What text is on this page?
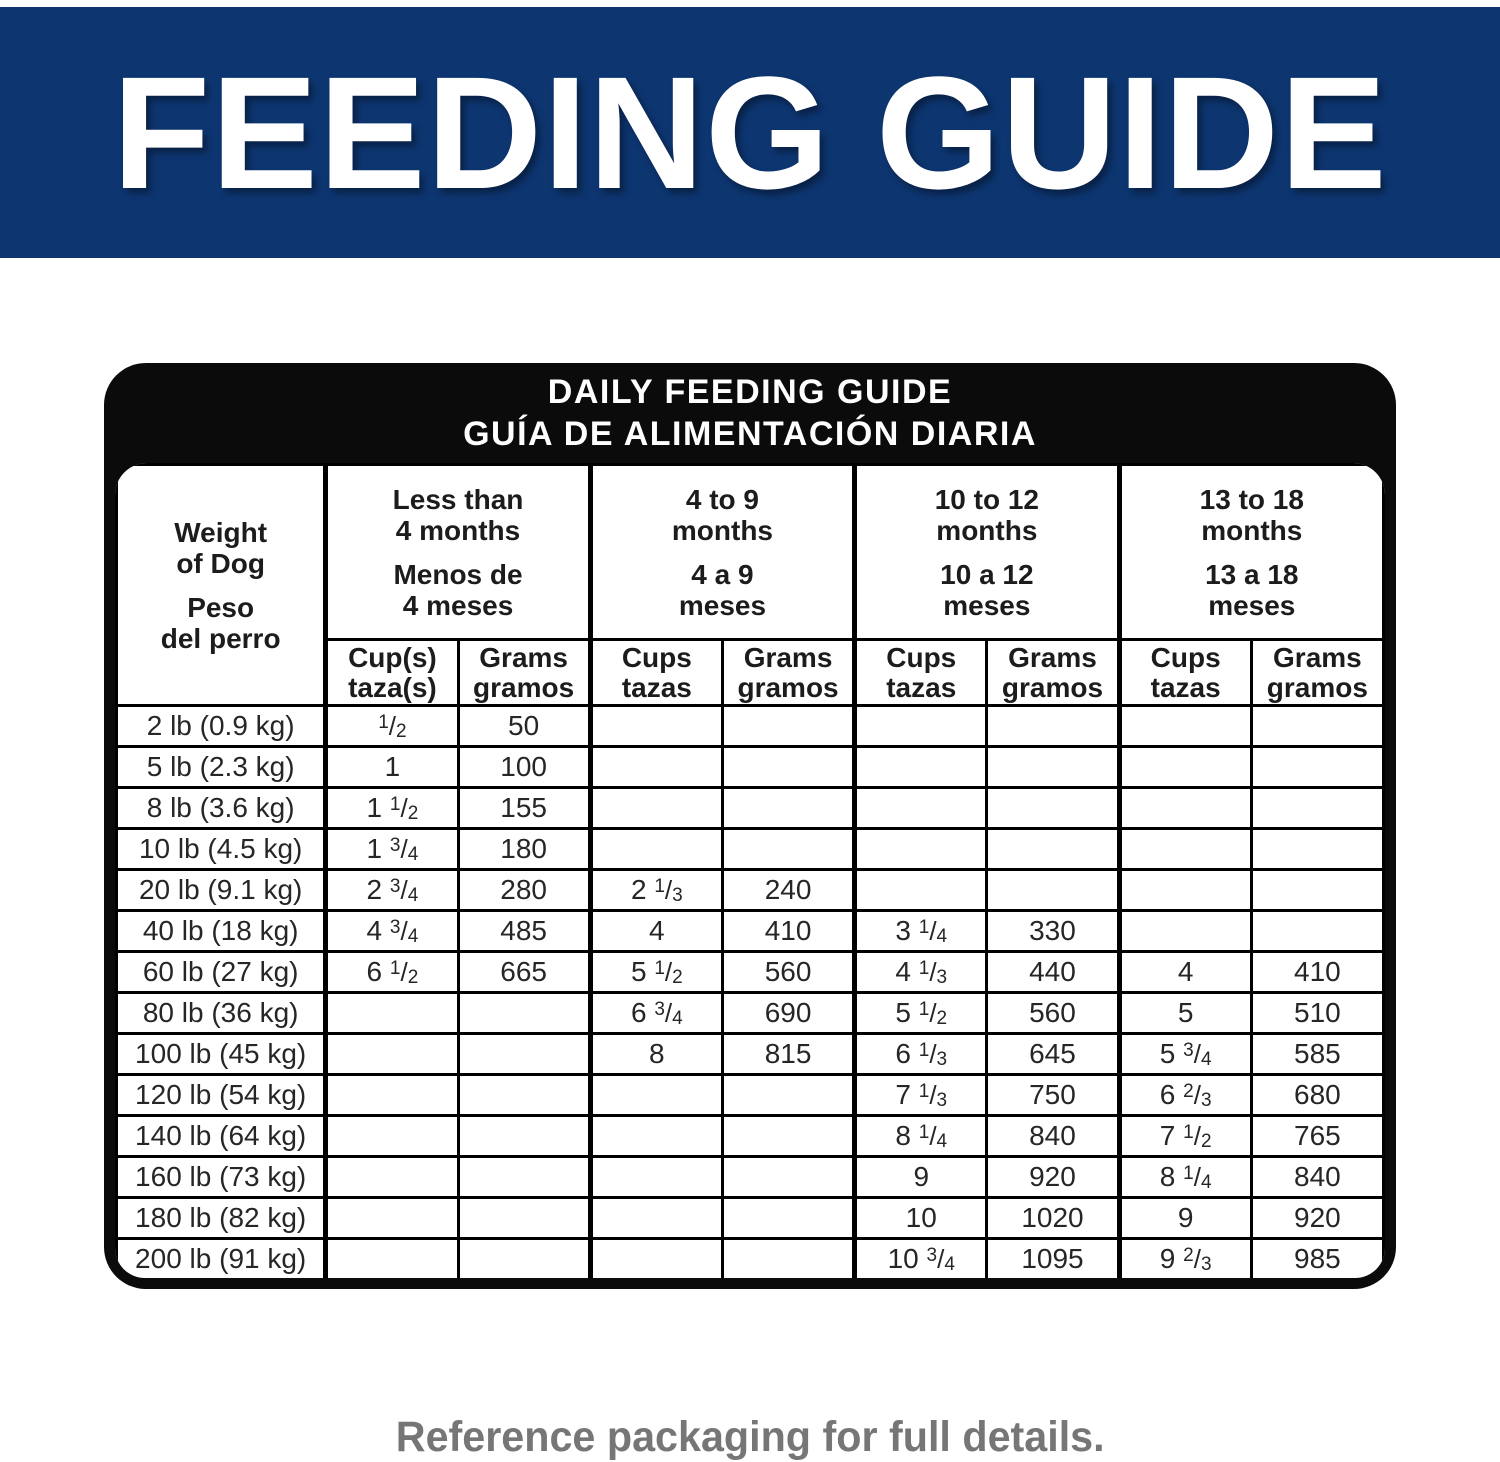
FEEDING GUIDE
DAILY FEEDING GUIDE
GUÍA DE ALIMENTACIÓN DIARIA
Weight
of Dog
Peso
del perro

Less than
4 months
Menos de
4 meses

4 to 9
months
4 a 9
meses

10 to 12
months
10 a 12
meses

13 to 18
months
13 a 18
meses

Cup(s)
taza(s)

Grams
gramos

Cups
tazas

Grams
gramos

Cups
tazas

Grams
gramos

Cups
tazas

Grams
gramos

2 lb (0.9 kg)	$^1$/2	50						
5 lb (2.3 kg)	1	100						
8 lb (3.6 kg)	1 $^1$/2	155						
10 lb (4.5 kg)	1 $^3$/4	180						
20 lb (9.1 kg)	2 $^3$/4	280	2 $^1$/3	240				
40 lb (18 kg)	4 $^3$/4	485	4	410	3 $^1$/4	330		
60 lb (27 kg)	6 $^1$/2	665	5 $^1$/2	560	4 $^1$/3	440	4	410
80 lb (36 kg)			6 $^3$/4	690	5 $^1$/2	560	5	510
100 lb (45 kg)			8	815	6 $^1$/3	645	5 $^3$/4	585
120 lb (54 kg)					7 $^1$/3	750	6 $^2$/3	680
140 lb (64 kg)					8 $^1$/4	840	7 $^1$/2	765
160 lb (73 kg)					9	920	8 $^1$/4	840
180 lb (82 kg)					10	1020	9	920
200 lb (91 kg)					10 $^3$/4	1095	9 $^2$/3	985
Reference packaging for full details.
